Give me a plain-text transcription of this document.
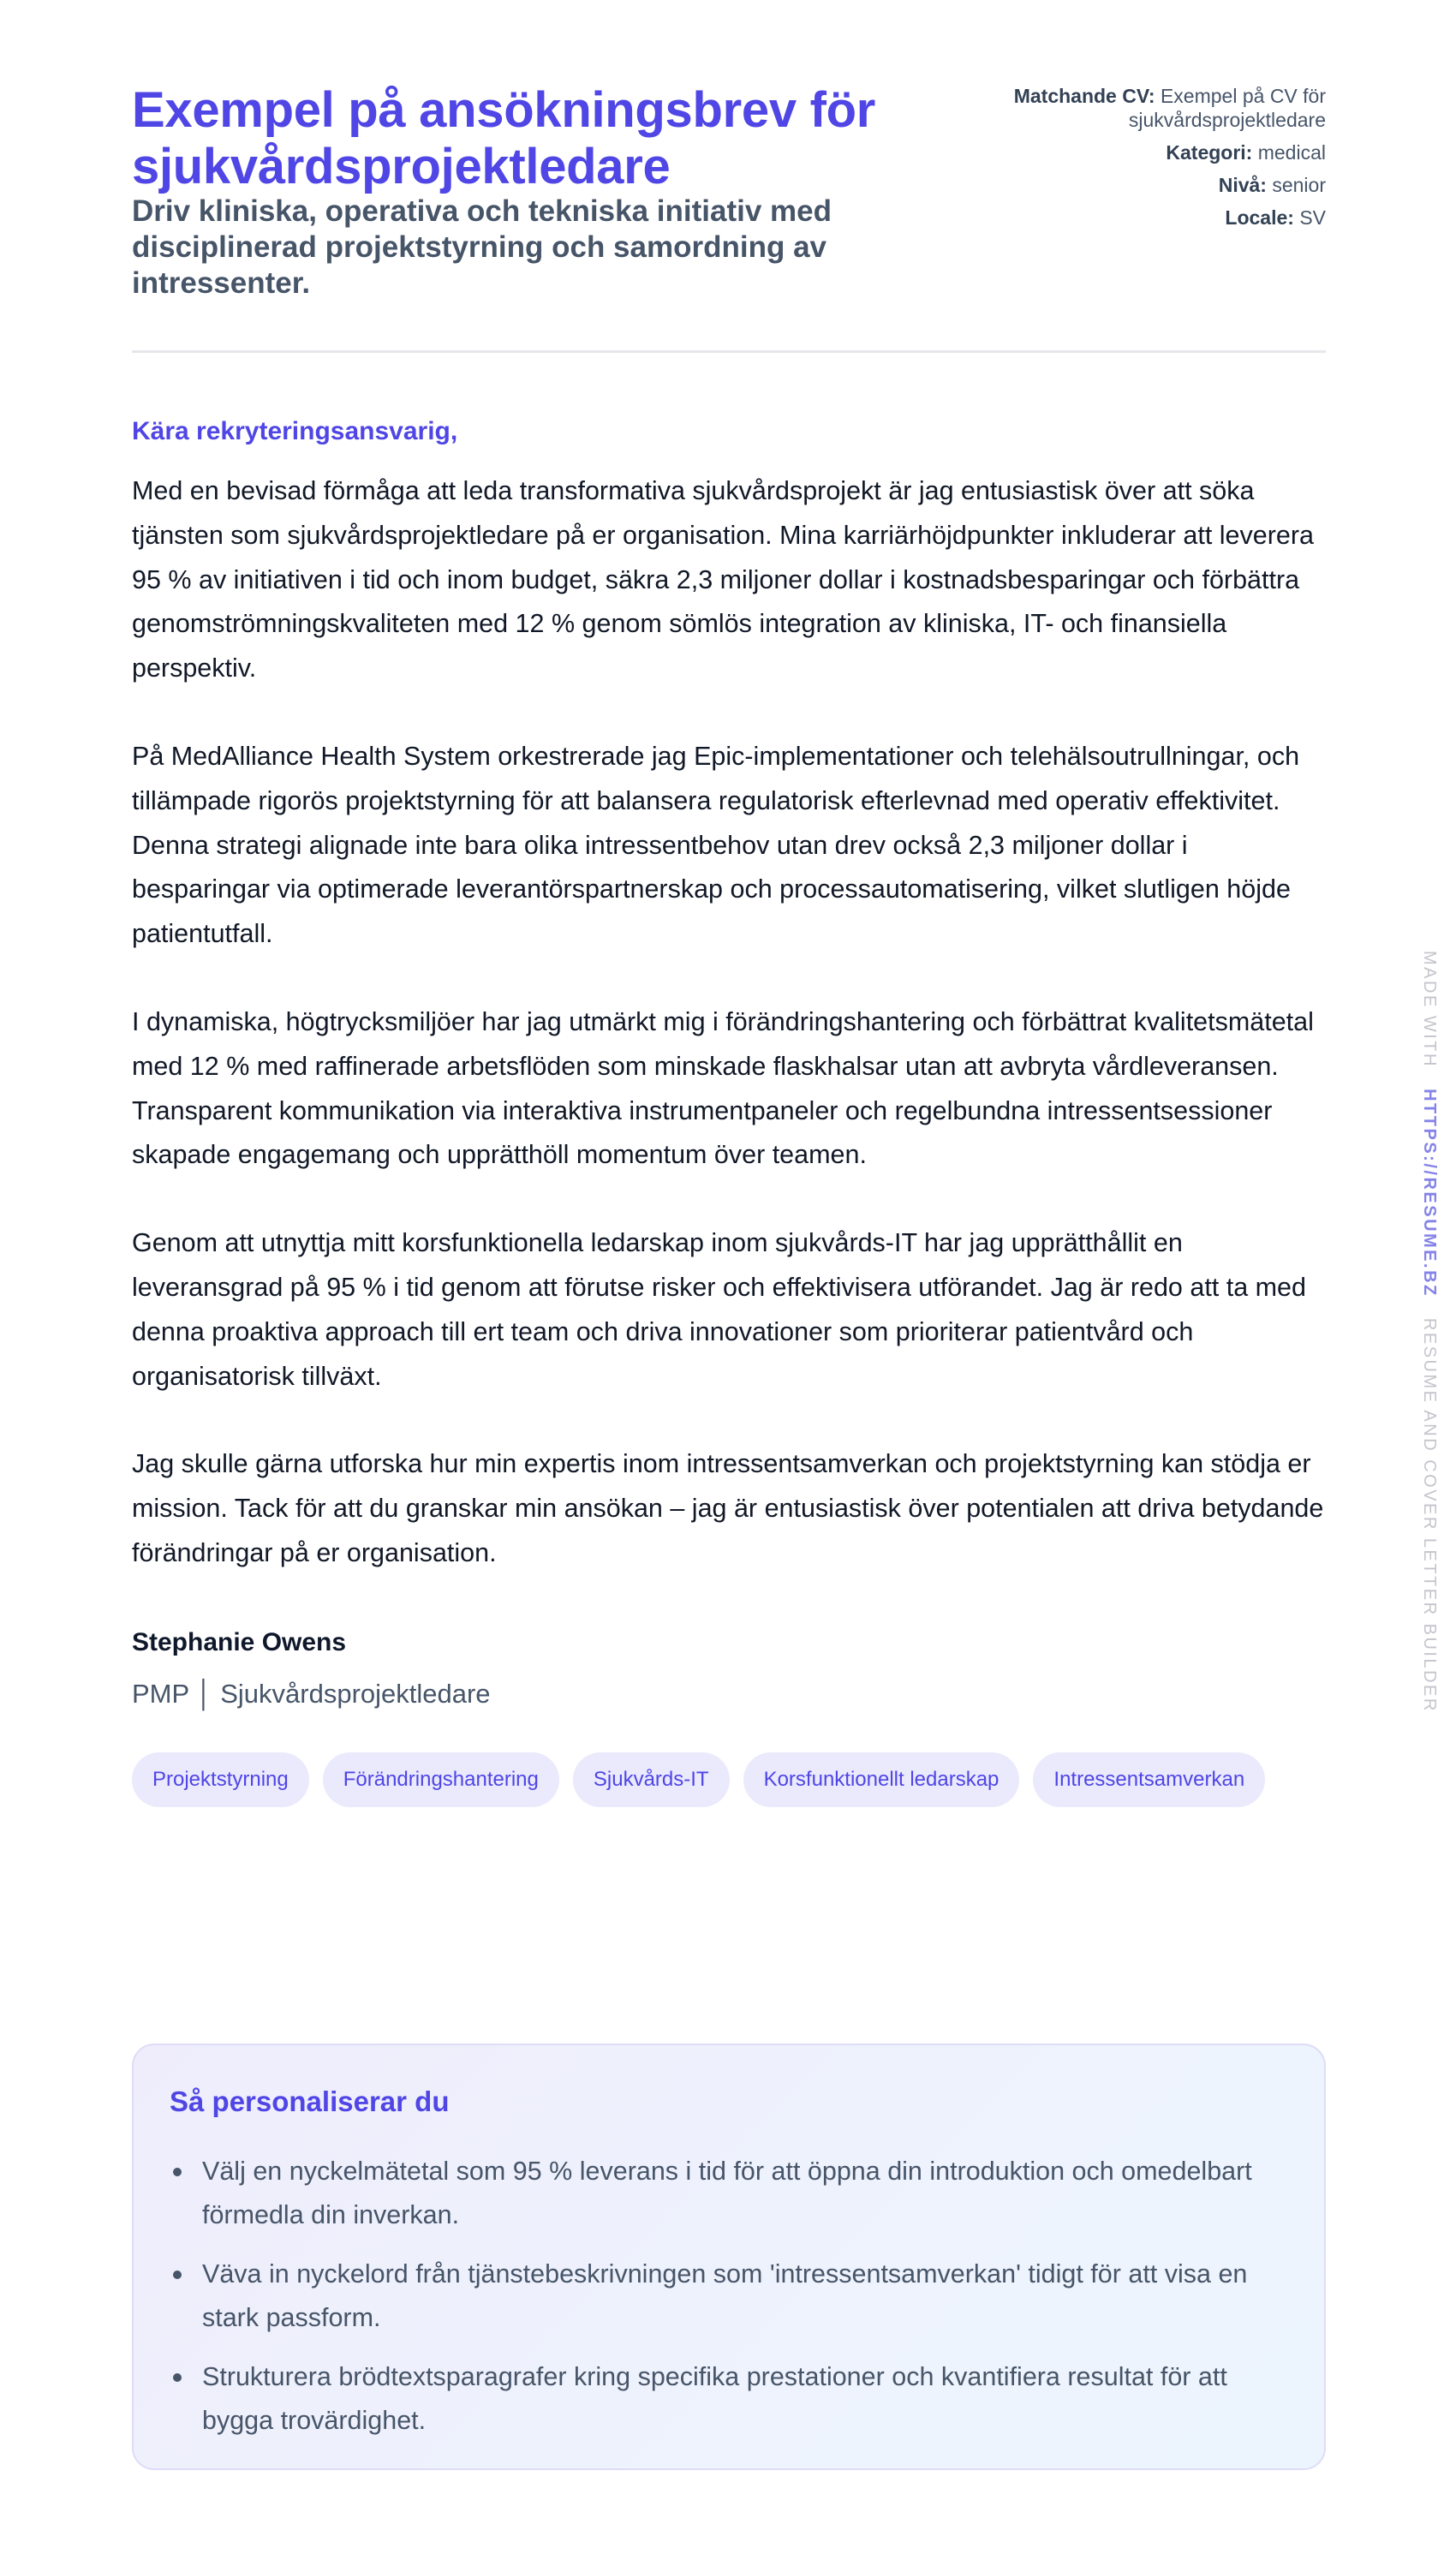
Exempel på ansökningsbrev för sjukvårdsprojektledare
Driv kliniska, operativa och tekniska initiativ med disciplinerad projektstyrning och samordning av intressenter.
Matchande CV: Exempel på CV för sjukvårdsprojektledare
Kategori: medical
Nivå: senior
Locale: SV
Kära rekryteringsansvarig,

Med en bevisad förmåga att leda transformativa sjukvårdsprojekt är jag entusiastisk över att söka tjänsten som sjukvårdsprojektledare på er organisation. Mina karriärhöjdpunkter inkluderar att leverera 95 % av initiativen i tid och inom budget, säkra 2,3 miljoner dollar i kostnadsbesparingar och förbättra genomströmningskvaliteten med 12 % genom sömlös integration av kliniska, IT- och finansiella perspektiv.

På MedAlliance Health System orkestrerade jag Epic-implementationer och telehälsoutrullningar, och tillämpade rigorös projektstyrning för att balansera regulatorisk efterlevnad med operativ effektivitet. Denna strategi alignade inte bara olika intressentbehov utan drev också 2,3 miljoner dollar i besparingar via optimerade leverantörspartnerskap och processautomatisering, vilket slutligen höjde patientutfall.

I dynamiska, högtrycksmiljöer har jag utmärkt mig i förändringshantering och förbättrat kvalitetsmätetal med 12 % med raffinerade arbetsflöden som minskade flaskhalsar utan att avbryta vårdleveransen. Transparent kommunikation via interaktiva instrumentpaneler och regelbundna intressentsessioner skapade engagemang och upprätthöll momentum över teamen.

Genom att utnyttja mitt korsfunktionella ledarskap inom sjukvårds-IT har jag upprätthållit en leveransgrad på 95 % i tid genom att förutse risker och effektivisera utförandet. Jag är redo att ta med denna proaktiva approach till ert team och driva innovationer som prioriterar patientvård och organisatorisk tillväxt.

Jag skulle gärna utforska hur min expertis inom intressentsamverkan och projektstyrning kan stödja er mission. Tack för att du granskar min ansökan – jag är entusiastisk över potentialen att driva betydande förändringar på er organisation.

Stephanie Owens
PMP │ Sjukvårdsprojektledare
Projektstyrning	Förändringshantering	Sjukvårds-IT	Korsfunktionellt ledarskap	Intressentsamverkan
Så personaliserar du
Välj en nyckelmätetal som 95 % leverans i tid för att öppna din introduktion och omedelbart förmedla din inverkan.
Väva in nyckelord från tjänstebeskrivningen som 'intressentsamverkan' tidigt för att visa en stark passform.
Strukturera brödtextsparagrafer kring specifika prestationer och kvantifiera resultat för att bygga trovärdighet.
MADE WITH   HTTPS://RESUME.BZ   RESUME AND COVER LETTER BUILDER
